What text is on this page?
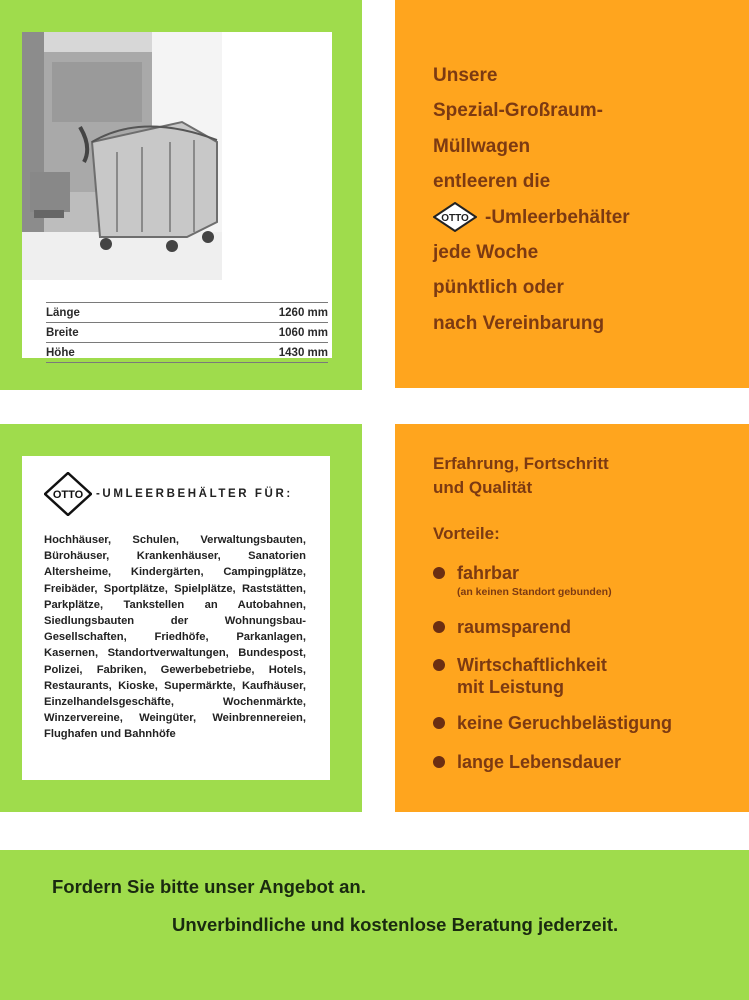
Länge	1260 mm
Breite	1060 mm
Höhe	1430 mm
Unsere
Spezial-Großraum-
Müllwagen
entleeren die
OTTO -Umleerbehälter
jede Woche
pünktlich oder
nach Vereinbarung
OTTO -UMLEERBEHÄLTER FÜR:
Hochhäuser, Schulen, Verwaltungsbauten, Bürohäuser, Krankenhäuser, Sanatorien Altersheime, Kindergärten, Campingplätze, Freibäder, Sportplätze, Spielplätze, Raststätten, Parkplätze, Tankstellen an Autobahnen, Siedlungsbauten der Wohnungsbau-Gesellschaften, Friedhöfe, Parkanlagen, Kasernen, Standortverwaltungen, Bundespost, Polizei, Fabriken, Gewerbebetriebe, Hotels, Restaurants, Kioske, Supermärkte, Kaufhäuser, Einzelhandelsgeschäfte, Wochenmärkte, Winzervereine, Weingüter, Weinbrennereien, Flughafen und Bahnhöfe
Erfahrung, Fortschritt
und Qualität
Vorteile:
fahrbar
(an keinen Standort gebunden)
raumsparend
Wirtschaftlichkeit
mit Leistung
keine Geruchbelästigung
lange Lebensdauer
Fordern Sie bitte unser Angebot an.
Unverbindliche und kostenlose Beratung jederzeit.
